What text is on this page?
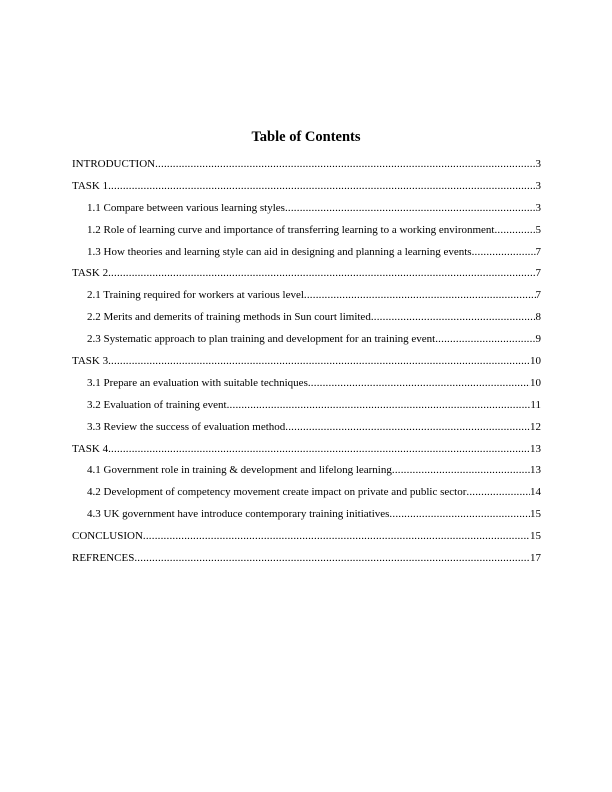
Table of Contents
INTRODUCTION .....	3
TASK 1 .....	3
1.1 Compare between various learning styles .....	3
1.2 Role of learning curve and importance of transferring learning to a working environment .....	5
1.3 How theories and learning style can aid in designing and planning a learning events .....	7
TASK 2 .....	7
2.1 Training required for workers at various level .....	7
2.2 Merits and demerits of training methods in Sun court limited .....	8
2.3 Systematic approach to plan training and development for an training event .....	9
TASK 3 .....	10
3.1 Prepare an evaluation with suitable techniques .....	10
3.2 Evaluation of training event .....	11
3.3 Review the success of evaluation method .....	12
TASK 4 .....	13
4.1 Government role in training & development and lifelong learning .....	13
4.2 Development of competency movement create impact on private and public sector .....	14
4.3 UK government have introduce contemporary training initiatives .....	15
CONCLUSION .....	15
REFRENCES .....	17
